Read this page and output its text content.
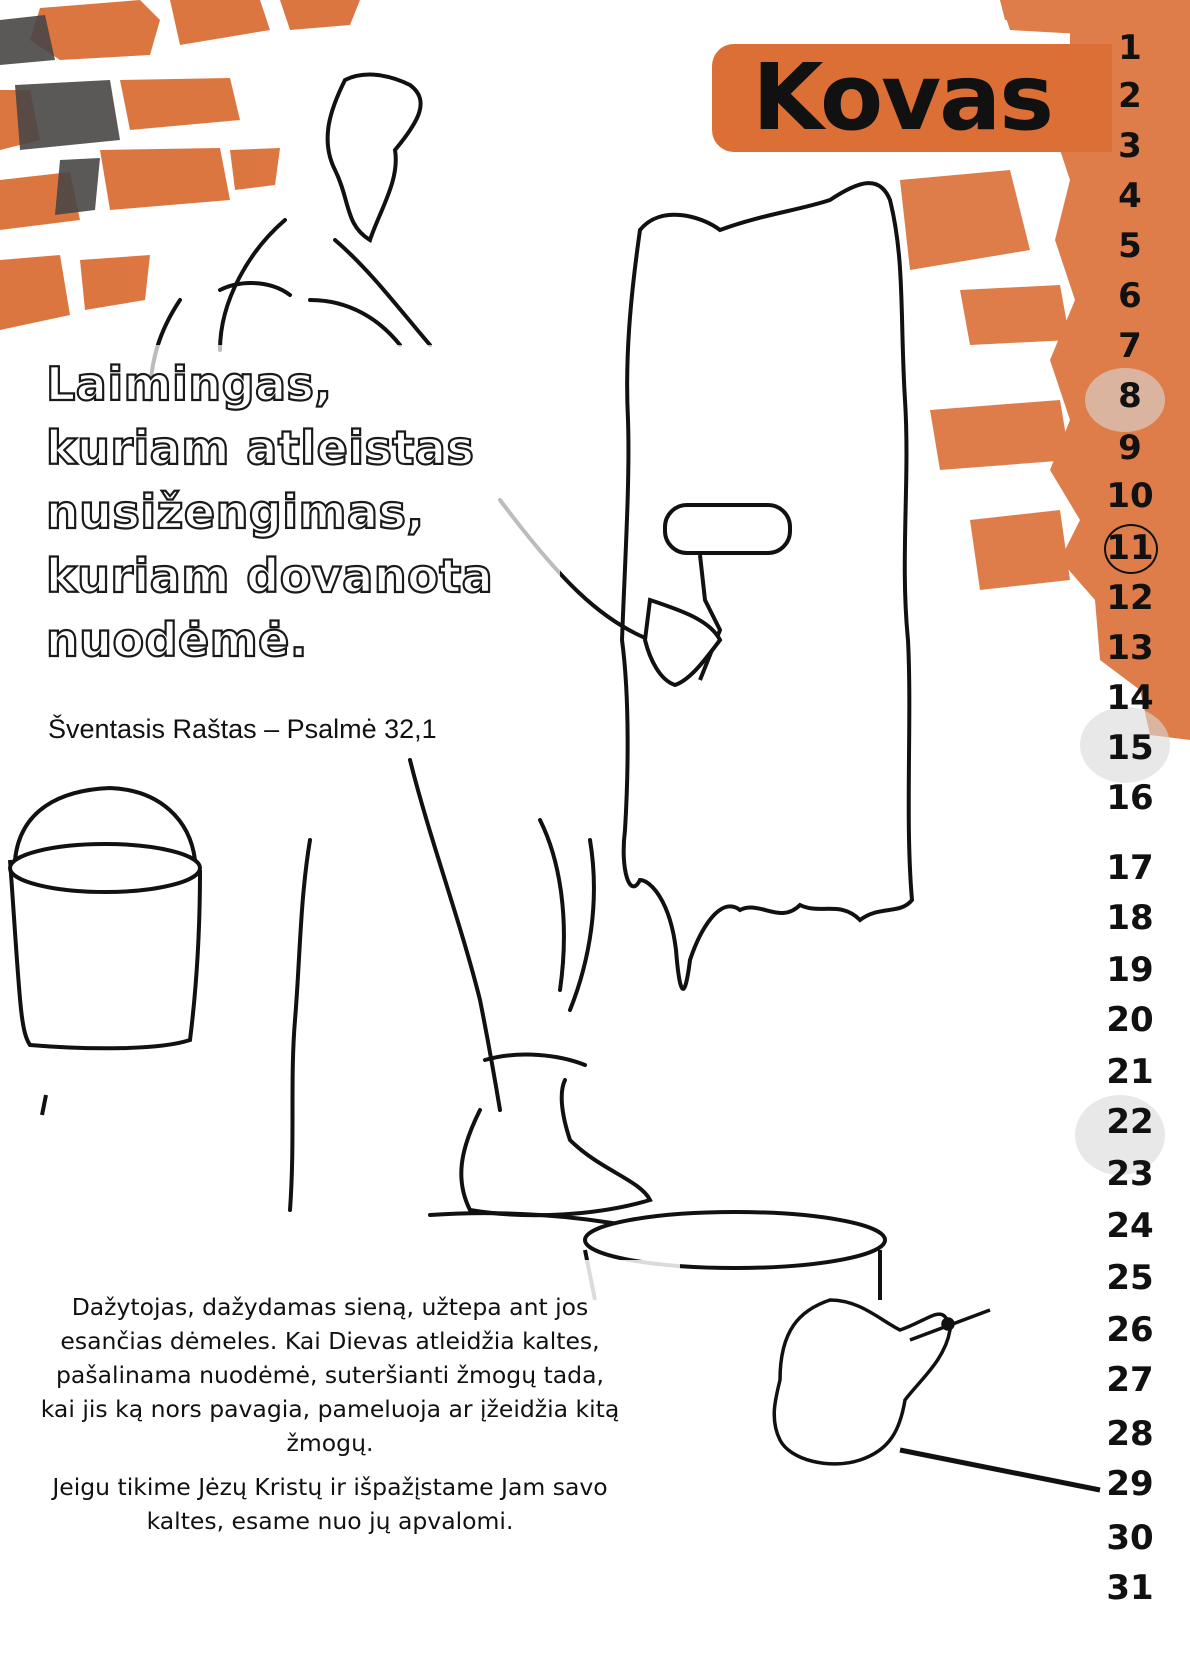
Kovas
Laimingas,
kuriam atleistas
nusižengimas,
kuriam dovanota
nuodėmė.
Šventasis Raštas – Psalmė 32,1

Dažytojas, dažydamas sieną, užtepa ant jos esančias dėmeles. Kai Dievas atleidžia kaltes, pašalinama nuodėmė, suteršianti žmogų tada, kai jis ką nors pavagia, pameluoja ar įžeidžia kitą žmogų.

Jeigu tikime Jėzų Kristų ir išpažįstame Jam savo kaltes, esame nuo jų apvalomi.

1
2
3
4
5
6
7
8
9
10
11
12
13
14
15
16
17
18
19
20
21
22
23
24
25
26
27
28
29
30
31
